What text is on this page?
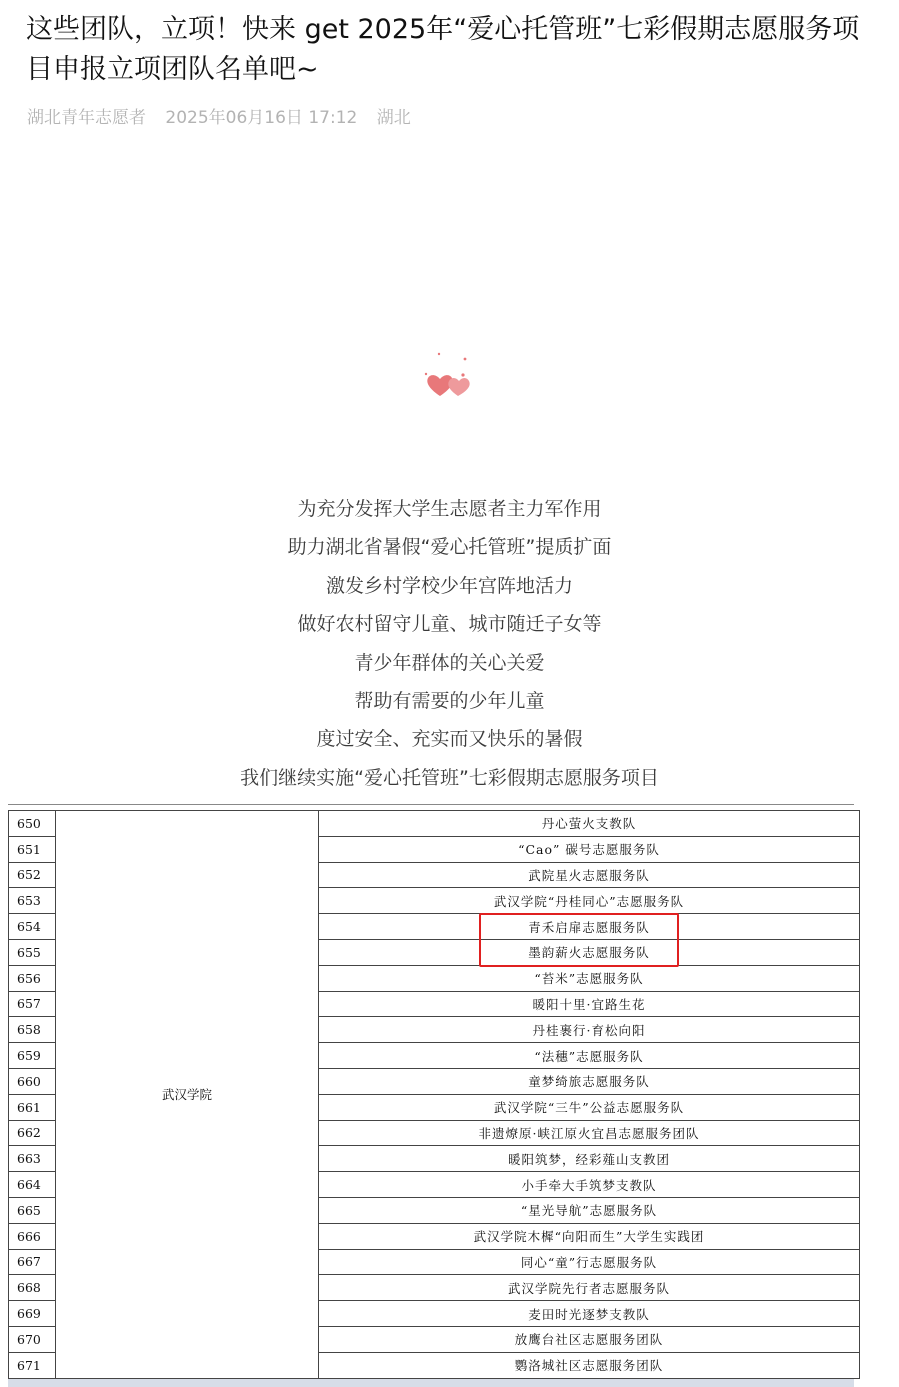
这些团队，立项！快来 get 2025年“爱心托管班”七彩假期志愿服务项目申报立项团队名单吧~
湖北青年志愿者 2025年06月16日 17:12 湖北
为充分发挥大学生志愿者主力军作用
助力湖北省暑假“爱心托管班”提质扩面
激发乡村学校少年宫阵地活力
做好农村留守儿童、城市随迁子女等
青少年群体的关心关爱
帮助有需要的少年儿童
度过安全、充实而又快乐的暑假
我们继续实施“爱心托管班”七彩假期志愿服务项目
650	武汉学院	丹心萤火支教队
651		“Cao” 碳号志愿服务队
652		武院星火志愿服务队
653		武汉学院“丹桂同心”志愿服务队
654		青禾启扉志愿服务队
655		墨韵薪火志愿服务队
656		“苔米”志愿服务队
657		暖阳十里·宜路生花
658		丹桂裹行·育松向阳
659		“法穗”志愿服务队
660		童梦绮旅志愿服务队
661		武汉学院“三牛”公益志愿服务队
662		非遗燎原·峡江原火宜昌志愿服务团队
663		暖阳筑梦，经彩薤山支教团
664		小手牵大手筑梦支教队
665		“星光导航”志愿服务队
666		武汉学院木樨“向阳而生”大学生实践团
667		同心“童”行志愿服务队
668		武汉学院先行者志愿服务队
669		麦田时光逐梦支教队
670		放鹰台社区志愿服务团队
671		鹦洛城社区志愿服务团队
